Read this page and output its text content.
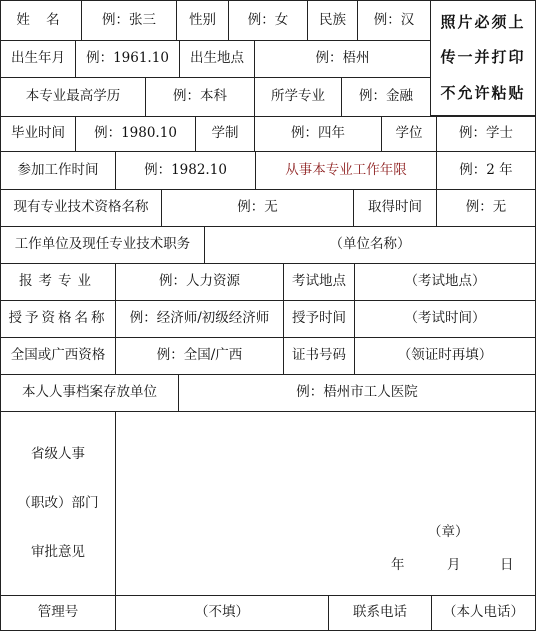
姓 名	例：张三	性别	例：女	民族	例：汉	照片必须上
传一并打印
不允许粘贴
出生年月	例：1961.10	出生地点	例：梧州
本专业最高学历	例：本科	所学专业	例：金融
毕业时间	例：1980.10	学制	例：四年	学位	例：学士
参加工作时间	例：1982.10	从事本专业工作年限	例：2 年
现有专业技术资格名称	例：无	取得时间	例：无
工作单位及现任专业技术职务	（单位名称）
报考专业	例：人力资源	考试地点	（考试地点）
授予资格名称	例：经济师/初级经济师	授予时间	（考试时间）
全国或广西资格	例：全国/广西	证书号码	（领证时再填）
本人人事档案存放单位	例：梧州市工人医院
省级人事
（职改）部门
审批意见
（章）
年	月	日
管理号	（不填）	联系电话	（本人电话）
